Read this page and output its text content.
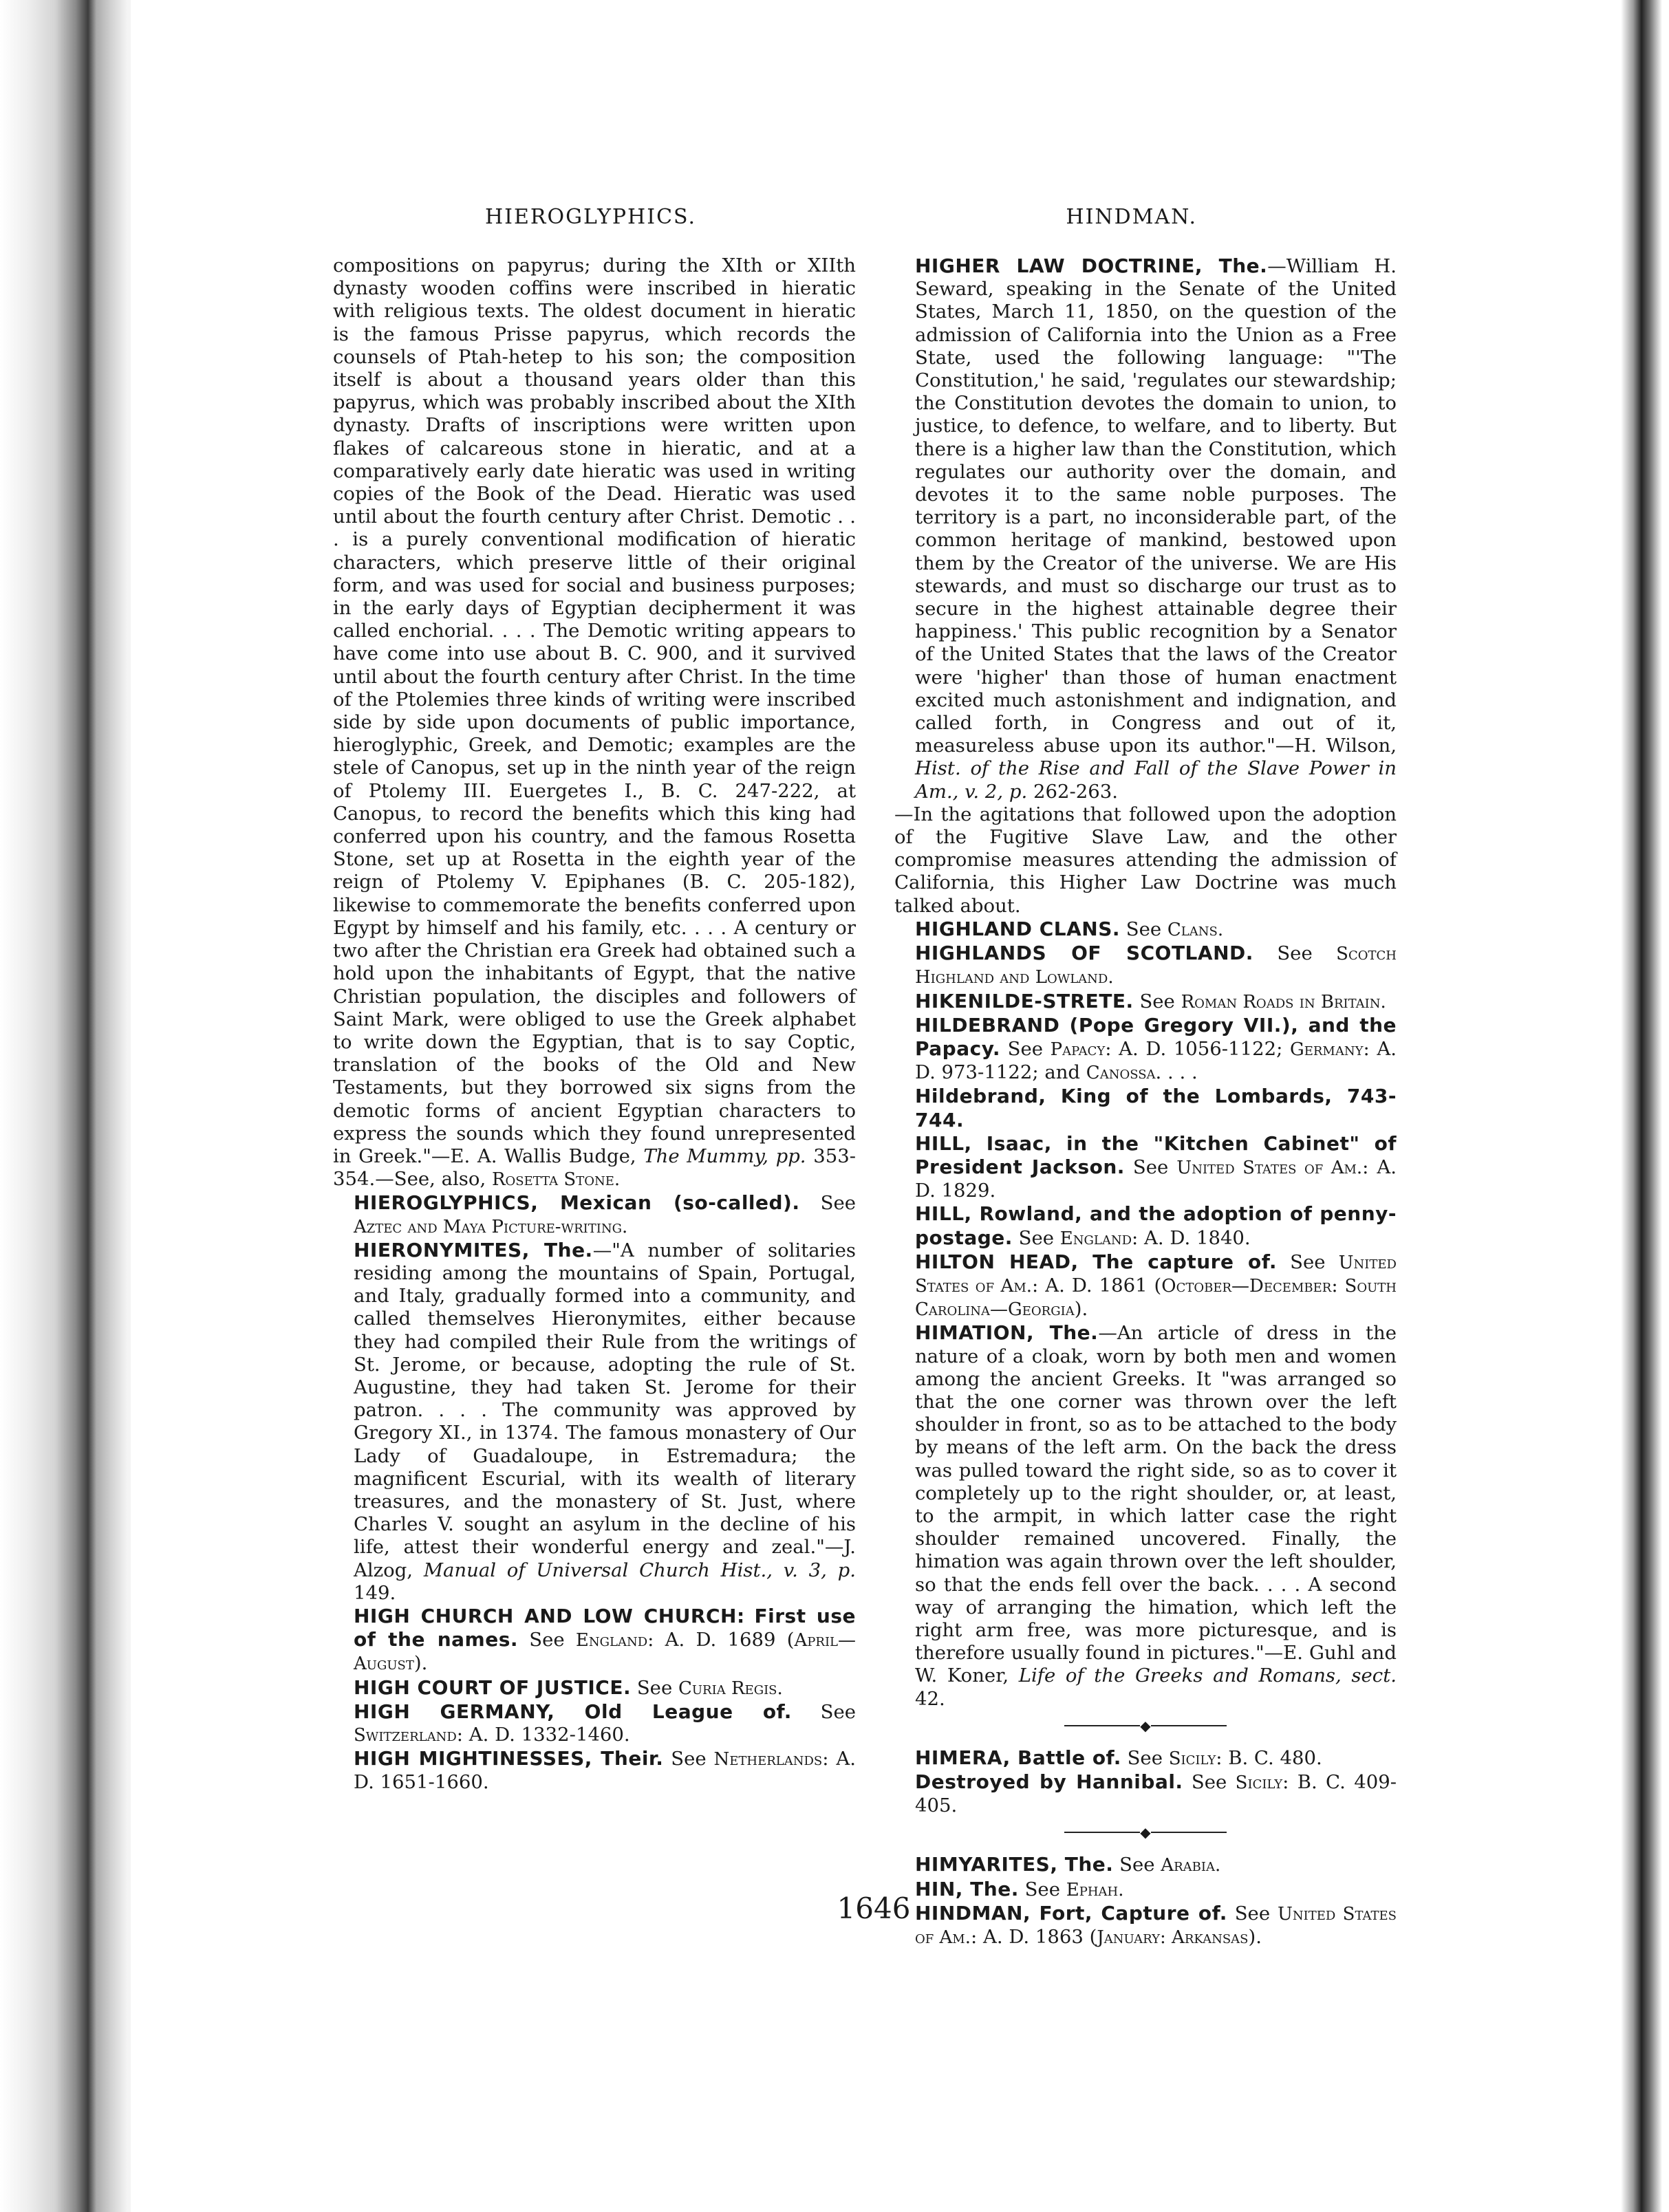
HIEROGLYPHICS.	HINDMAN.

compositions on papyrus; during the XIth or XIIth dynasty wooden coffins were inscribed in hieratic with religious texts. The oldest document in hieratic is the famous Prisse papyrus, which records the counsels of Ptah-hetep to his son; the composition itself is about a thousand years older than this papyrus, which was probably inscribed about the XIth dynasty. Drafts of inscriptions were written upon flakes of calcareous stone in hieratic, and at a comparatively early date hieratic was used in writing copies of the Book of the Dead. Hieratic was used until about the fourth century after Christ. Demotic . . . is a purely conventional modification of hieratic characters, which preserve little of their original form, and was used for social and business purposes; in the early days of Egyptian decipherment it was called enchorial. . . . The Demotic writing appears to have come into use about B. C. 900, and it survived until about the fourth century after Christ. In the time of the Ptolemies three kinds of writing were inscribed side by side upon documents of public importance, hieroglyphic, Greek, and Demotic; examples are the stele of Canopus, set up in the ninth year of the reign of Ptolemy III. Euergetes I., B. C. 247-222, at Canopus, to record the benefits which this king had conferred upon his country, and the famous Rosetta Stone, set up at Rosetta in the eighth year of the reign of Ptolemy V. Epiphanes (B. C. 205-182), likewise to commemorate the benefits conferred upon Egypt by himself and his family, etc. . . . A century or two after the Christian era Greek had obtained such a hold upon the inhabitants of Egypt, that the native Christian population, the disciples and followers of Saint Mark, were obliged to use the Greek alphabet to write down the Egyptian, that is to say Coptic, translation of the books of the Old and New Testaments, but they borrowed six signs from the demotic forms of ancient Egyptian characters to express the sounds which they found unrepresented in Greek."—E. A. Wallis Budge, The Mummy, pp. 353-354.—See, also, Rosetta Stone.

HIEROGLYPHICS, Mexican (so-called). See Aztec and Maya Picture-writing.

HIERONYMITES, The.—"A number of solitaries residing among the mountains of Spain, Portugal, and Italy, gradually formed into a community, and called themselves Hieronymites, either because they had compiled their Rule from the writings of St. Jerome, or because, adopting the rule of St. Augustine, they had taken St. Jerome for their patron. . . . The community was approved by Gregory XI., in 1374. The famous monastery of Our Lady of Guadaloupe, in Estremadura; the magnificent Escurial, with its wealth of literary treasures, and the monastery of St. Just, where Charles V. sought an asylum in the decline of his life, attest their wonderful energy and zeal."—J. Alzog, Manual of Universal Church Hist., v. 3, p. 149.

HIGH CHURCH AND LOW CHURCH: First use of the names. See England: A. D. 1689 (April—August).

HIGH COURT OF JUSTICE. See Curia Regis.

HIGH GERMANY, Old League of. See Switzerland: A. D. 1332-1460.

HIGH MIGHTINESSES, Their. See Netherlands: A. D. 1651-1660.

HIGHER LAW DOCTRINE, The.—William H. Seward, speaking in the Senate of the United States, March 11, 1850, on the question of the admission of California into the Union as a Free State, used the following language: "'The Constitution,' he said, 'regulates our stewardship; the Constitution devotes the domain to union, to justice, to defence, to welfare, and to liberty. But there is a higher law than the Constitution, which regulates our authority over the domain, and devotes it to the same noble purposes. The territory is a part, no inconsiderable part, of the common heritage of mankind, bestowed upon them by the Creator of the universe. We are His stewards, and must so discharge our trust as to secure in the highest attainable degree their happiness.' This public recognition by a Senator of the United States that the laws of the Creator were 'higher' than those of human enactment excited much astonishment and indignation, and called forth, in Congress and out of it, measureless abuse upon its author."—H. Wilson, Hist. of the Rise and Fall of the Slave Power in Am., v. 2, p. 262-263.

—In the agitations that followed upon the adoption of the Fugitive Slave Law, and the other compromise measures attending the admission of California, this Higher Law Doctrine was much talked about.

HIGHLAND CLANS. See Clans.

HIGHLANDS OF SCOTLAND. See Scotch Highland and Lowland.

HIKENILDE-STRETE. See Roman Roads in Britain.

HILDEBRAND (Pope Gregory VII.), and the Papacy. See Papacy: A. D. 1056-1122; Germany: A. D. 973-1122; and Canossa. . . .

Hildebrand, King of the Lombards, 743-744.

HILL, Isaac, in the "Kitchen Cabinet" of President Jackson. See United States of Am.: A. D. 1829.

HILL, Rowland, and the adoption of penny-postage. See England: A. D. 1840.

HILTON HEAD, The capture of. See United States of Am.: A. D. 1861 (October—December: South Carolina—Georgia).

HIMATION, The.—An article of dress in the nature of a cloak, worn by both men and women among the ancient Greeks. It "was arranged so that the one corner was thrown over the left shoulder in front, so as to be attached to the body by means of the left arm. On the back the dress was pulled toward the right side, so as to cover it completely up to the right shoulder, or, at least, to the armpit, in which latter case the right shoulder remained uncovered. Finally, the himation was again thrown over the left shoulder, so that the ends fell over the back. . . . A second way of arranging the himation, which left the right arm free, was more picturesque, and is therefore usually found in pictures."—E. Guhl and W. Koner, Life of the Greeks and Romans, sect. 42.

◆

HIMERA, Battle of. See Sicily: B. C. 480.

Destroyed by Hannibal. See Sicily: B. C. 409-405.

◆

HIMYARITES, The. See Arabia.

HIN, The. See Ephah.

HINDMAN, Fort, Capture of. See United States of Am.: A. D. 1863 (January: Arkansas).

1646
